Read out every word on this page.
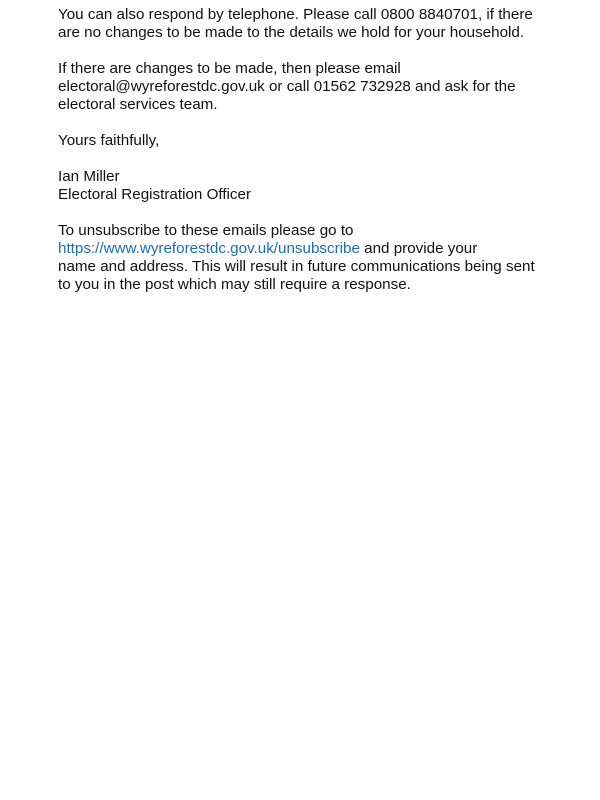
You can also respond by telephone. Please call 0800 8840701, if there
are no changes to be made to the details we hold for your household.

If there are changes to be made, then please email
electoral@wyreforestdc.gov.uk or call 01562 732928 and ask for the
electoral services team.

Yours faithfully,

Ian Miller
Electoral Registration Officer

To unsubscribe to these emails please go to
https://www.wyreforestdc.gov.uk/unsubscribe and provide your
name and address. This will result in future communications being sent
to you in the post which may still require a response.
